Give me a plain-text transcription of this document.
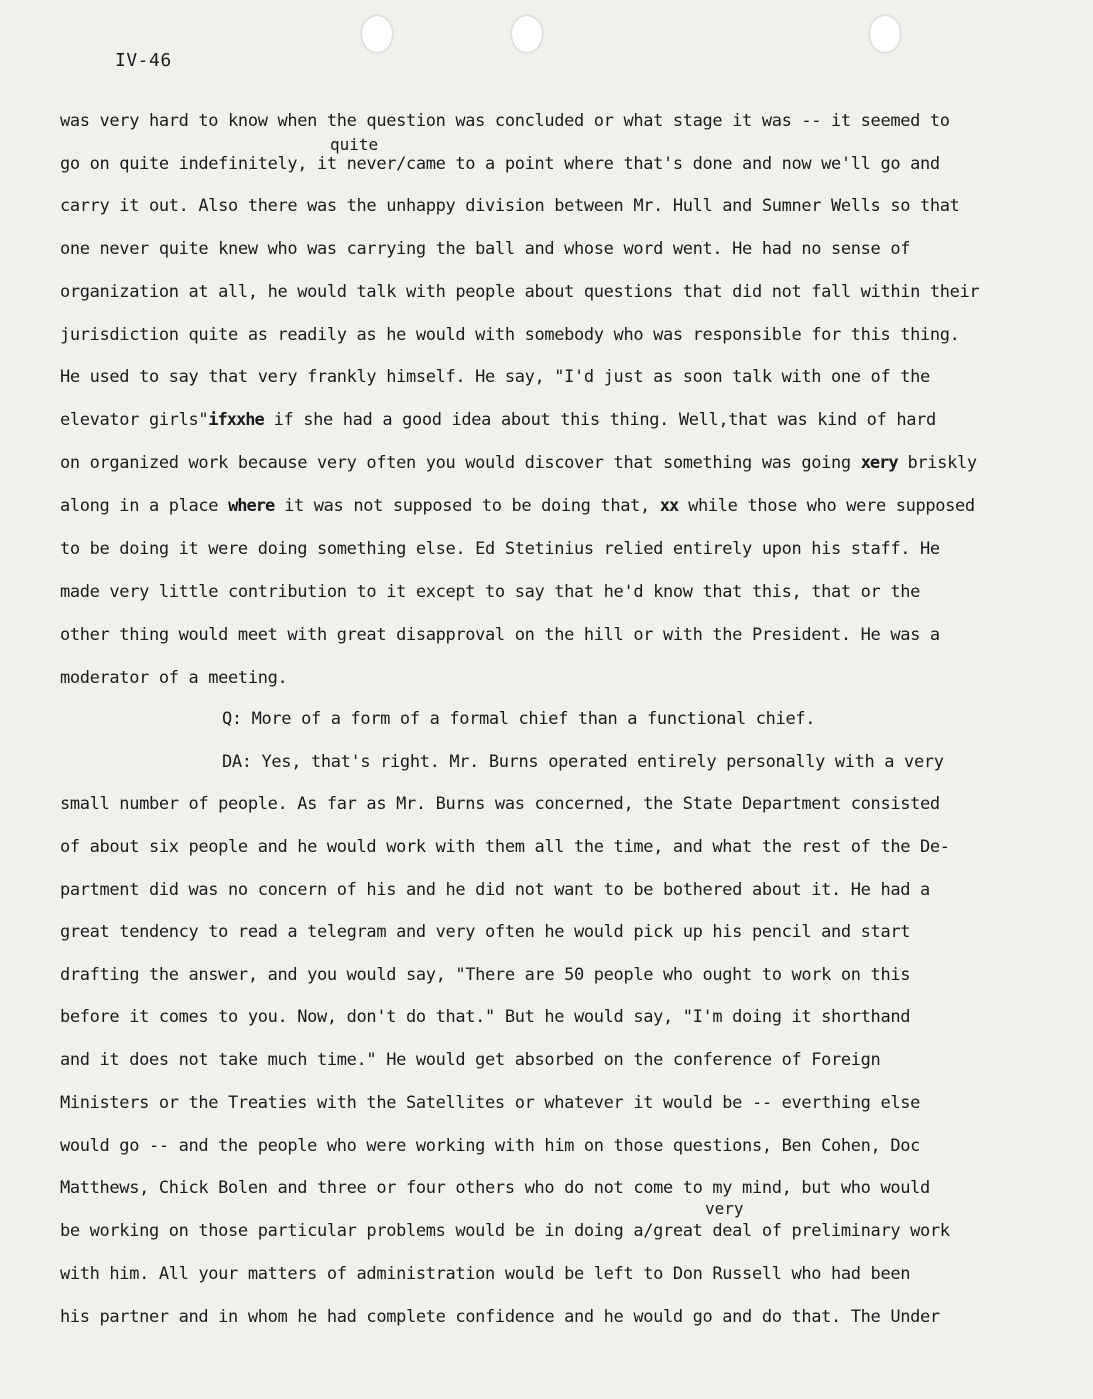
IV-46
was very hard to know when the question was concluded or what stage it was -- it seemed to
quite
go on quite indefinitely, it never/came to a point where that's done and now we'll go and
carry it out. Also there was the unhappy division between Mr. Hull and Sumner Wells so that
one never quite knew who was carrying the ball and whose word went. He had no sense of
organization at all, he would talk with people about questions that did not fall within their
jurisdiction quite as readily as he would with somebody who was responsible for this thing.
He used to say that very frankly himself. He say, "I'd just as soon talk with one of the
elevator girls"ifxxhe if she had a good idea about this thing. Well,that was kind of hard
on organized work because very often you would discover that something was going xery briskly
along in a place where it was not supposed to be doing that, xx while those who were supposed
to be doing it were doing something else. Ed Stetinius relied entirely upon his staff. He
made very little contribution to it except to say that he'd know that this, that or the
other thing would meet with great disapproval on the hill or with the President. He was a
moderator of a meeting.
Q: More of a form of a formal chief than a functional chief.
DA: Yes, that's right. Mr. Burns operated entirely personally with a very
small number of people. As far as Mr. Burns was concerned, the State Department consisted
of about six people and he would work with them all the time, and what the rest of the De-
partment did was no concern of his and he did not want to be bothered about it. He had a
great tendency to read a telegram and very often he would pick up his pencil and start
drafting the answer, and you would say, "There are 50 people who ought to work on this
before it comes to you. Now, don't do that." But he would say, "I'm doing it shorthand
and it does not take much time." He would get absorbed on the conference of Foreign
Ministers or the Treaties with the Satellites or whatever it would be -- everthing else
would go -- and the people who were working with him on those questions, Ben Cohen, Doc
Matthews, Chick Bolen and three or four others who do not come to my mind, but who would
very
be working on those particular problems would be in doing a/great deal of preliminary work
with him. All your matters of administration would be left to Don Russell who had been
his partner and in whom he had complete confidence and he would go and do that. The Under
